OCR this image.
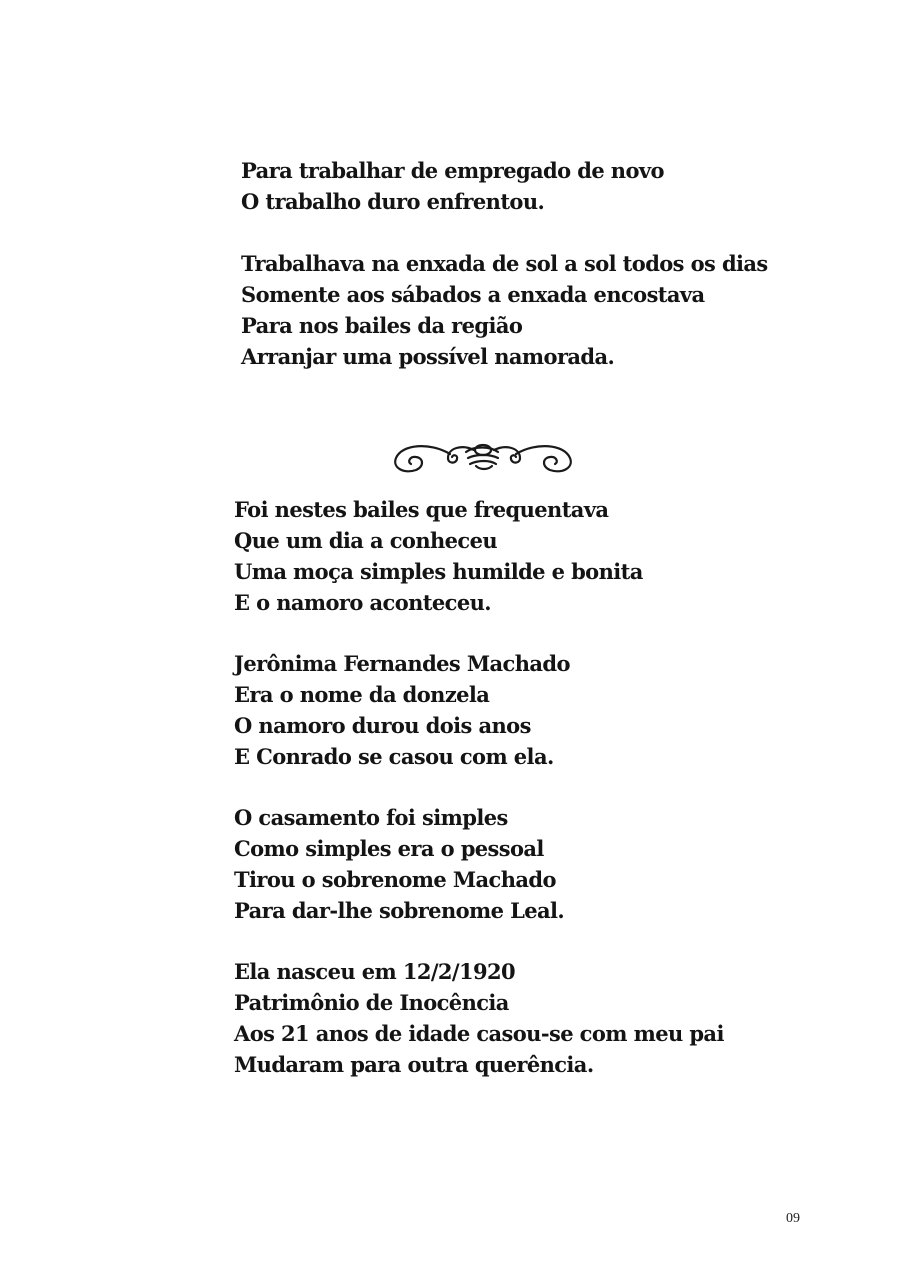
Para trabalhar de empregado de novo
O trabalho duro enfrentou.
Trabalhava na enxada de sol a sol todos os dias
Somente aos sábados a enxada encostava
Para nos bailes da região
Arranjar uma possível namorada.
Foi nestes bailes que frequentava
Que um dia a conheceu
Uma moça simples humilde e bonita
E o namoro aconteceu.
Jerônima Fernandes Machado
Era o nome da donzela
O namoro durou dois anos
E Conrado se casou com ela.
O casamento foi simples
Como simples era o pessoal
Tirou o sobrenome Machado
Para dar-lhe sobrenome Leal.
Ela nasceu em 12/2/1920
Patrimônio de Inocência
Aos 21 anos de idade casou-se com meu pai
Mudaram para outra querência.
09
